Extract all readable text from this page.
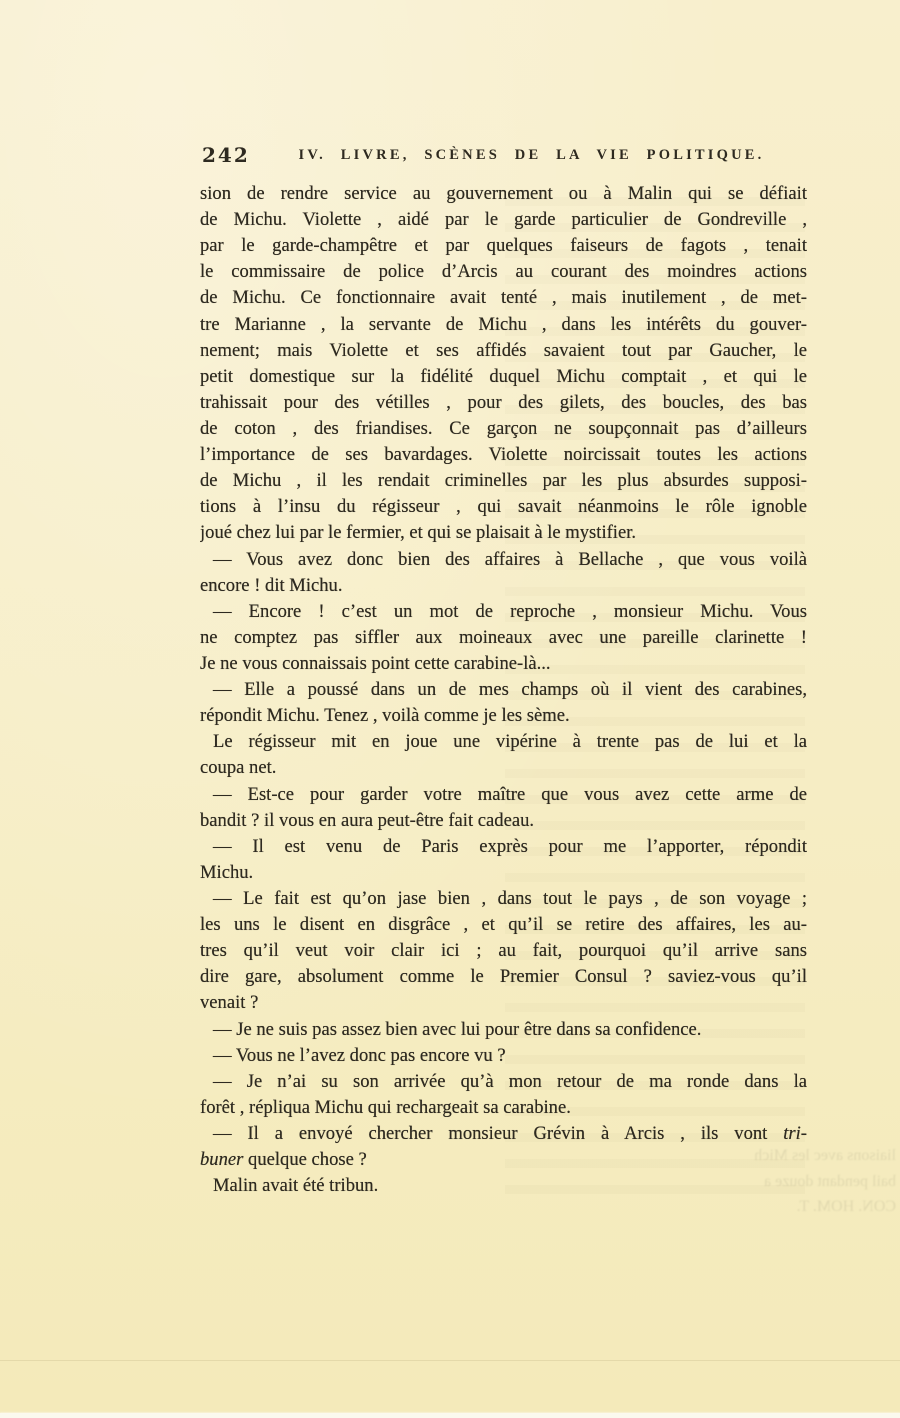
242	IV. LIVRE, SCÈNES DE LA VIE POLITIQUE.
sion de rendre service au gouvernement ou à Malin qui se défiait
de Michu. Violette , aidé par le garde particulier de Gondreville ,
par le garde-champêtre et par quelques faiseurs de fagots , tenait
le commissaire de police d’Arcis au courant des moindres actions
de Michu. Ce fonctionnaire avait tenté , mais inutilement , de met-
tre Marianne , la servante de Michu , dans les intérêts du gouver-
nement; mais Violette et ses affidés savaient tout par Gaucher, le
petit domestique sur la fidélité duquel Michu comptait , et qui le
trahissait pour des vétilles , pour des gilets, des boucles, des bas
de coton , des friandises. Ce garçon ne soupçonnait pas d’ailleurs
l’importance de ses bavardages. Violette noircissait toutes les actions
de Michu , il les rendait criminelles par les plus absurdes supposi-
tions à l’insu du régisseur , qui savait néanmoins le rôle ignoble
joué chez lui par le fermier, et qui se plaisait à le mystifier.
— Vous avez donc bien des affaires à Bellache , que vous voilà
encore ! dit Michu.
— Encore ! c’est un mot de reproche , monsieur Michu. Vous
ne comptez pas siffler aux moineaux avec une pareille clarinette !
Je ne vous connaissais point cette carabine-là...
— Elle a poussé dans un de mes champs où il vient des carabines,
répondit Michu. Tenez , voilà comme je les sème.
Le régisseur mit en joue une vipérine à trente pas de lui et la
coupa net.
— Est-ce pour garder votre maître que vous avez cette arme de
bandit ? il vous en aura peut-être fait cadeau.
— Il est venu de Paris exprès pour me l’apporter, répondit
Michu.
— Le fait est qu’on jase bien , dans tout le pays , de son voyage ;
les uns le disent en disgrâce , et qu’il se retire des affaires, les au-
tres qu’il veut voir clair ici ; au fait, pourquoi qu’il arrive sans
dire gare, absolument comme le Premier Consul ? saviez-vous qu’il
venait ?
— Je ne suis pas assez bien avec lui pour être dans sa confidence.
— Vous ne l’avez donc pas encore vu ?
— Je n’ai su son arrivée qu’à mon retour de ma ronde dans la
forêt , répliqua Michu qui rechargeait sa carabine.
— Il a envoyé chercher monsieur Grévin à Arcis , ils vont tri-
buner quelque chose ?
Malin avait été tribun.
liaisons avec les Mich
bail pendant douze a
CON. HOM. T.
